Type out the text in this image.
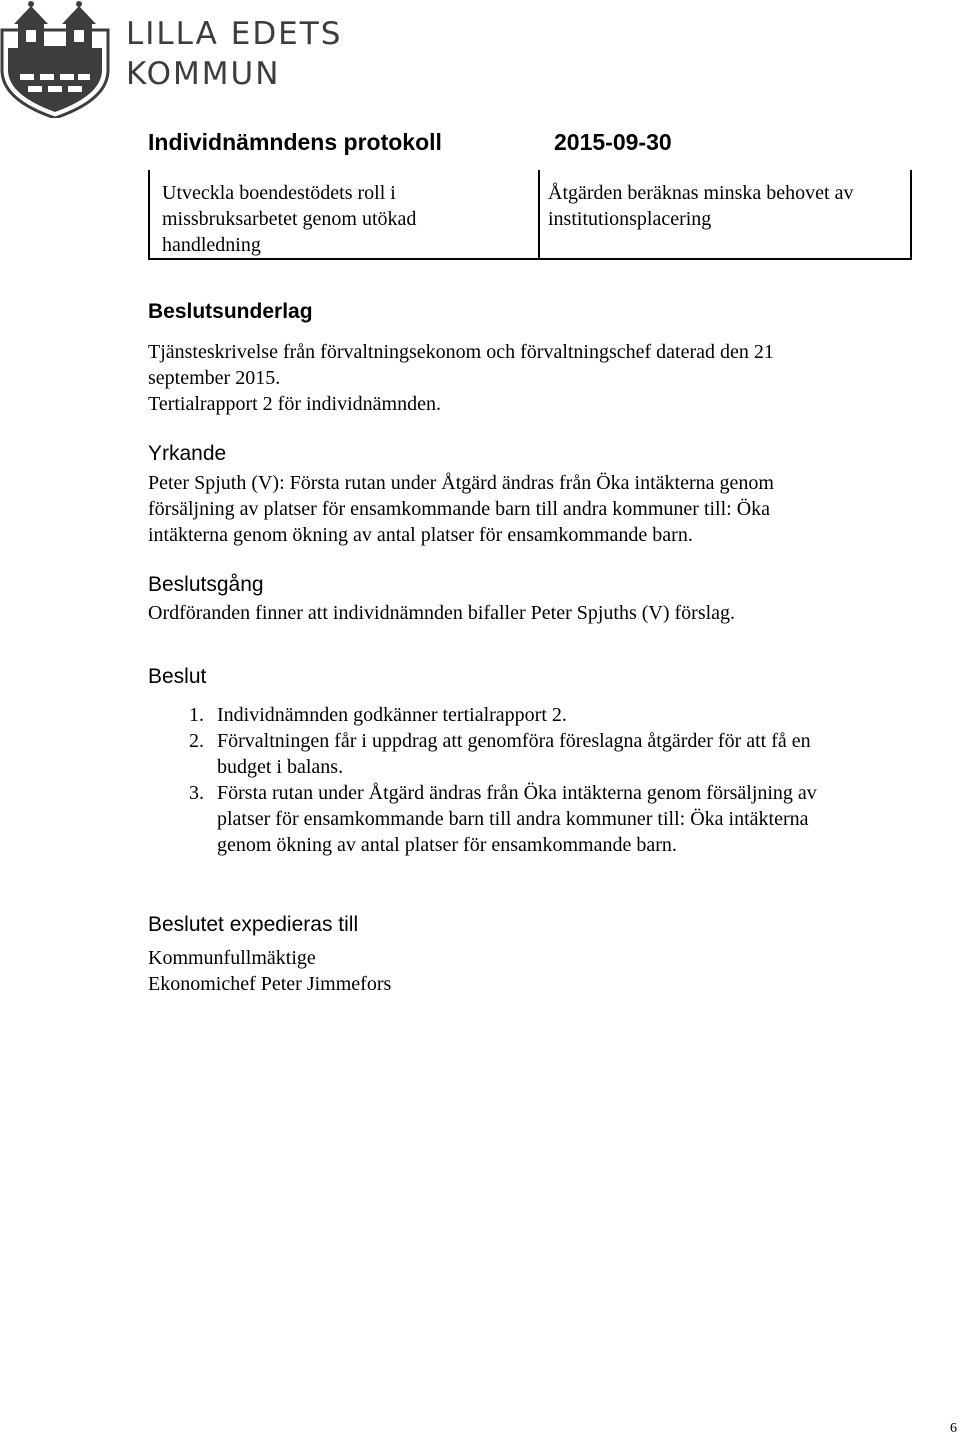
LILLA EDETS
KOMMUN
Individnämndens protokoll	2015-09-30
Utveckla boendestödets roll i
missbruksarbetet genom utökad
handledning
Åtgärden beräknas minska behovet av
institutionsplacering
Beslutsunderlag
Tjänsteskrivelse från förvaltningsekonom och förvaltningschef daterad den 21
september 2015.
Tertialrapport 2 för individnämnden.
Yrkande
Peter Spjuth (V): Första rutan under Åtgärd ändras från Öka intäkterna genom
försäljning av platser för ensamkommande barn till andra kommuner till: Öka
intäkterna genom ökning av antal platser för ensamkommande barn.
Beslutsgång
Ordföranden finner att individnämnden bifaller Peter Spjuths (V) förslag.
Beslut
1. Individnämnden godkänner tertialrapport 2.
2. Förvaltningen får i uppdrag att genomföra föreslagna åtgärder för att få en
budget i balans.
3. Första rutan under Åtgärd ändras från Öka intäkterna genom försäljning av
platser för ensamkommande barn till andra kommuner till: Öka intäkterna
genom ökning av antal platser för ensamkommande barn.
Beslutet expedieras till
Kommunfullmäktige
Ekonomichef Peter Jimmefors
6
